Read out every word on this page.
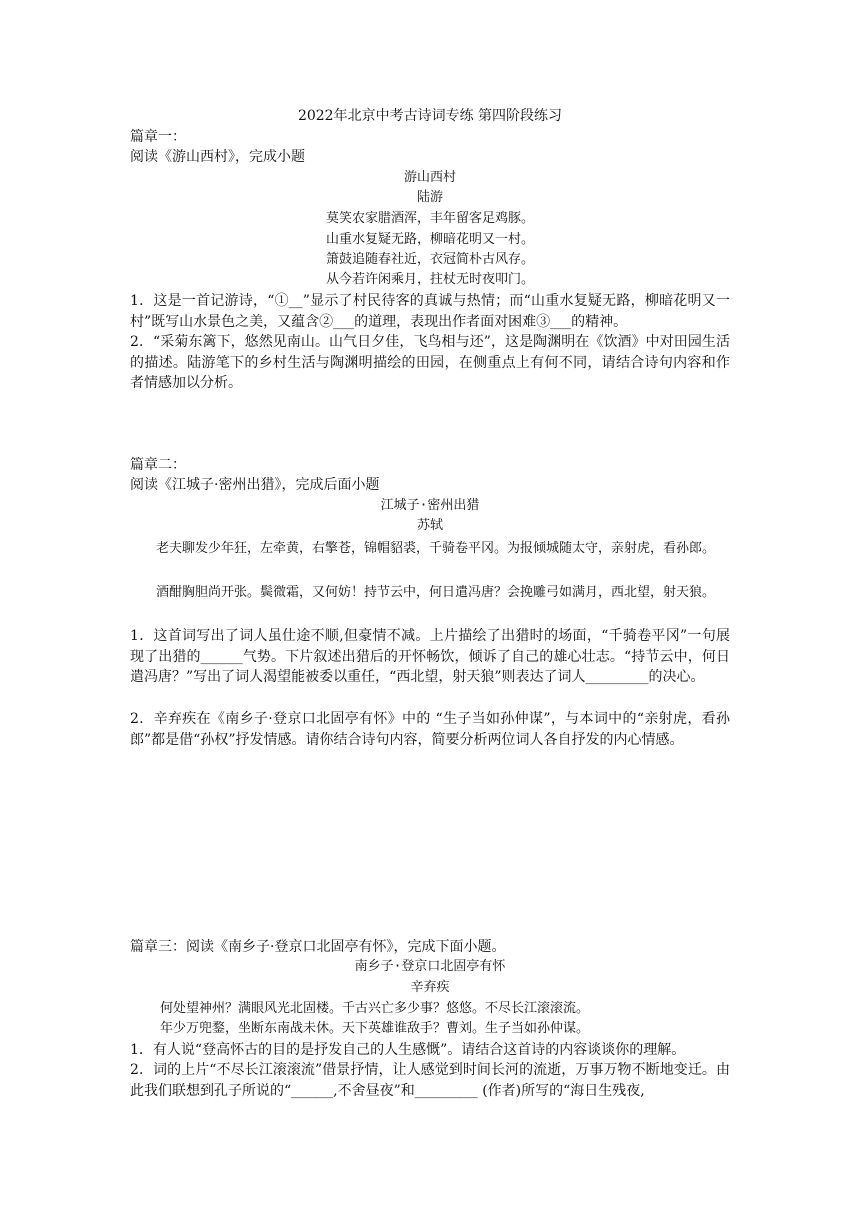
2022年北京中考古诗词专练 第四阶段练习
篇章一：
阅读《游山西村》，完成小题
游山西村
陆游
莫笑农家腊酒浑，丰年留客足鸡豚。
山重水复疑无路，柳暗花明又一村。
箫鼓追随春社近，衣冠简朴古风存。
从今若许闲乘月，拄杖无时夜叩门。
1．这是一首记游诗，“①__”显示了村民待客的真诚与热情；而“山重水复疑无路，柳暗花明又一村”既写山水景色之美，又蕴含②___的道理，表现出作者面对困难③___的精神。
2．“采菊东篱下，悠然见南山。山气日夕佳，飞鸟相与还”，这是陶渊明在《饮酒》中对田园生活的描述。陆游笔下的乡村生活与陶渊明描绘的田园，在侧重点上有何不同，请结合诗句内容和作者情感加以分析。
篇章二：
阅读《江城子·密州出猎》，完成后面小题
江城子·密州出猎
苏轼
老夫聊发少年狂，左牵黄，右擎苍，锦帽貂裘，千骑卷平冈。为报倾城随太守，亲射虎，看孙郎。
酒酣胸胆尚开张。鬓微霜，又何妨！持节云中，何日遣冯唐？会挽雕弓如满月，西北望，射天狼。
1．这首词写出了词人虽仕途不顺,但豪情不减。上片描绘了出猎时的场面，“千骑卷平冈”一句展现了出猎的______气势。下片叙述出猎后的开怀畅饮，倾诉了自己的雄心壮志。“持节云中，何日遣冯唐？”写出了词人渴望能被委以重任，“西北望，射天狼”则表达了词人_________的决心。
2．辛弃疾在《南乡子·登京口北固亭有怀》中的 “生子当如孙仲谋”，与本词中的“亲射虎，看孙郎”都是借“孙权”抒发情感。请你结合诗句内容，简要分析两位词人各自抒发的内心情感。
篇章三：阅读《南乡子·登京口北固亭有怀》，完成下面小题。
南乡子·登京口北固亭有怀
辛弃疾
何处望神州？满眼风光北固楼。千古兴亡多少事？悠悠。不尽长江滚滚流。
年少万兜鍪，坐断东南战未休。天下英雄谁敌手？曹刘。生子当如孙仲谋。
1．有人说“登高怀古的目的是抒发自己的人生感慨”。请结合这首诗的内容谈谈你的理解。
2．词的上片“不尽长江滚滚流”借景抒情，让人感觉到时间长河的流逝，万事万物不断地变迁。由此我们联想到孔子所说的“______,不舍昼夜”和_________ (作者)所写的“海日生残夜,
